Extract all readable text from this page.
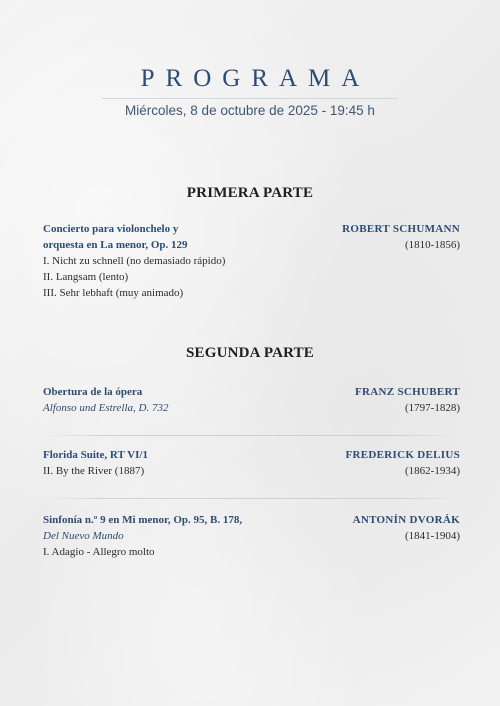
PROGRAMA
Miércoles, 8 de octubre de 2025 - 19:45 h
PRIMERA PARTE
Concierto para violonchelo y
orquesta en La menor, Op. 129
I. Nicht zu schnell (no demasiado rápido)
II. Langsam (lento)
III. Sehr lebhaft (muy animado)
ROBERT SCHUMANN
(1810-1856)
SEGUNDA PARTE
Obertura de la ópera
Alfonso und Estrella, D. 732
FRANZ SCHUBERT
(1797-1828)
Florida Suite, RT VI/1
II. By the River (1887)
FREDERICK DELIUS
(1862-1934)
Sinfonía n.º 9 en Mi menor, Op. 95, B. 178,
Del Nuevo Mundo
I. Adagio - Allegro molto
ANTONÍN DVORÁK
(1841-1904)
